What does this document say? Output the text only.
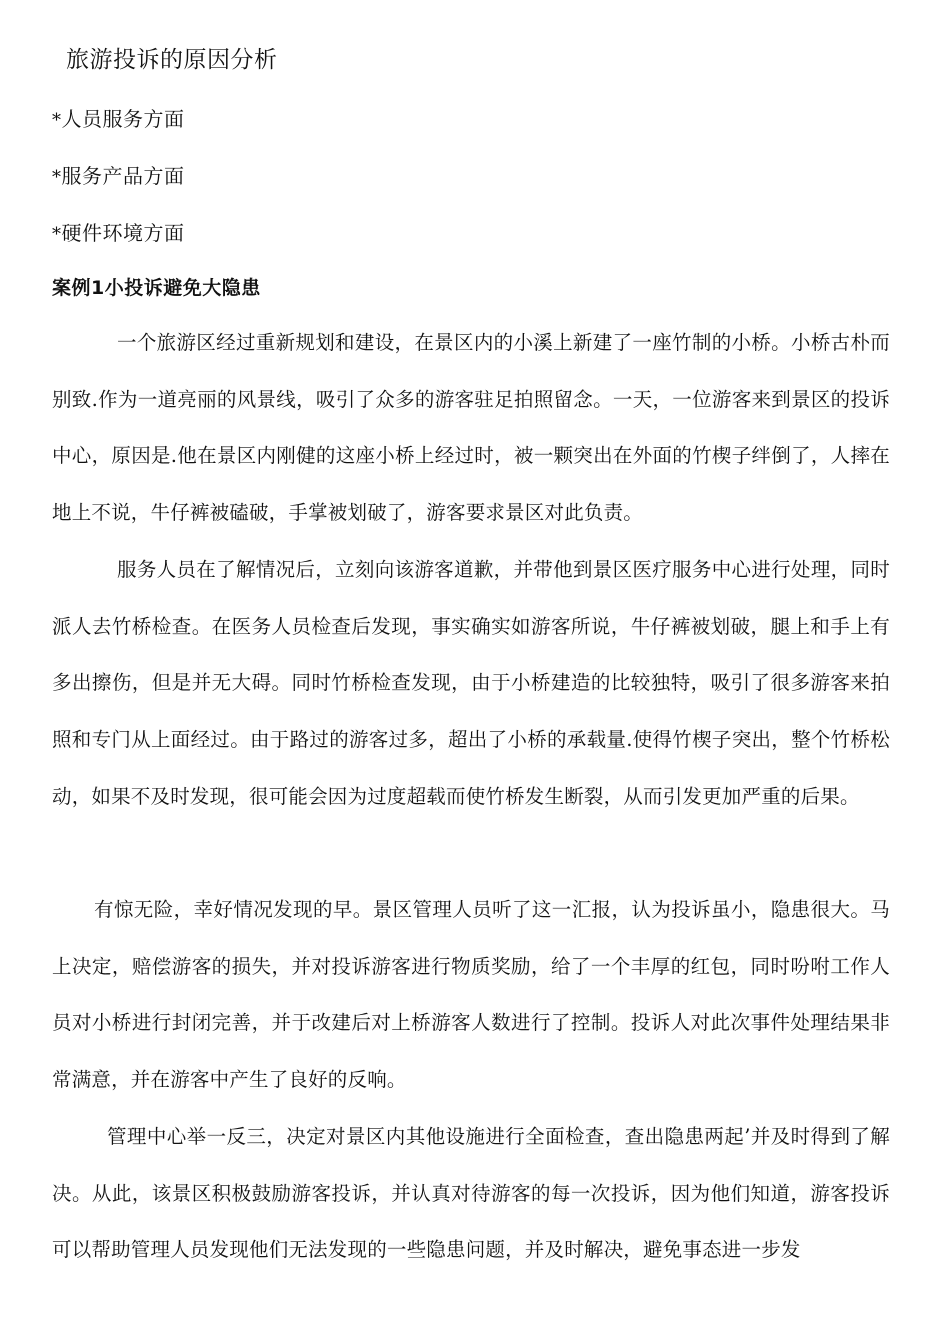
旅游投诉的原因分析
*人员服务方面
*服务产品方面
*硬件环境方面
案例1小投诉避免大隐患

一个旅游区经过重新规划和建设，在景区内的小溪上新建了一座竹制的小桥。小桥古朴而别致.作为一道亮丽的风景线，吸引了众多的游客驻足拍照留念。一天，一位游客来到景区的投诉中心，原因是.他在景区内刚健的这座小桥上经过时，被一颗突出在外面的竹楔子绊倒了，人摔在地上不说，牛仔裤被磕破，手掌被划破了，游客要求景区对此负责。

服务人员在了解情况后，立刻向该游客道歉，并带他到景区医疗服务中心进行处理，同时派人去竹桥检查。在医务人员检查后发现，事实确实如游客所说，牛仔裤被划破，腿上和手上有多出擦伤，但是并无大碍。同时竹桥检查发现，由于小桥建造的比较独特，吸引了很多游客来拍照和专门从上面经过。由于路过的游客过多，超出了小桥的承载量.使得竹楔子突出，整个竹桥松动，如果不及时发现，很可能会因为过度超载而使竹桥发生断裂，从而引发更加严重的后果。

有惊无险，幸好情况发现的早。景区管理人员听了这一汇报，认为投诉虽小，隐患很大。马上决定，赔偿游客的损失，并对投诉游客进行物质奖励，给了一个丰厚的红包，同时吩咐工作人员对小桥进行封闭完善，并于改建后对上桥游客人数进行了控制。投诉人对此次事件处理结果非常满意，并在游客中产生了良好的反响。

管理中心举一反三，决定对景区内其他设施进行全面检查，查出隐患两起’并及时得到了解决。从此，该景区积极鼓励游客投诉，并认真对待游客的每一次投诉，因为他们知道，游客投诉可以帮助管理人员发现他们无法发现的一些隐患问题，并及时解决，避免事态进一步发
